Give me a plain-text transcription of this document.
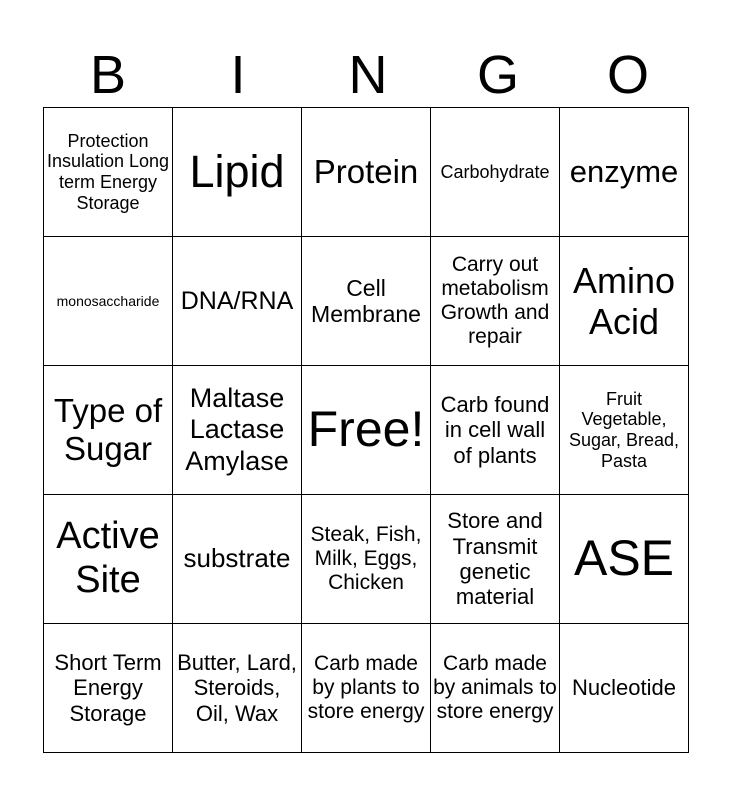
B	I	N	G	O
Protection Insulation Long term Energy Storage	Lipid	Protein	Carbohydrate	enzyme
monosaccharide	DNA/RNA	Cell Membrane	Carry out metabolism Growth and repair	Amino Acid
Type of Sugar	Maltase Lactase Amylase	Free!	Carb found in cell wall of plants	Fruit Vegetable, Sugar, Bread, Pasta
Active Site	substrate	Steak, Fish, Milk, Eggs, Chicken	Store and Transmit genetic material	ASE
Short Term Energy Storage	Butter, Lard, Steroids, Oil, Wax	Carb made by plants to store energy	Carb made by animals to store energy	Nucleotide
